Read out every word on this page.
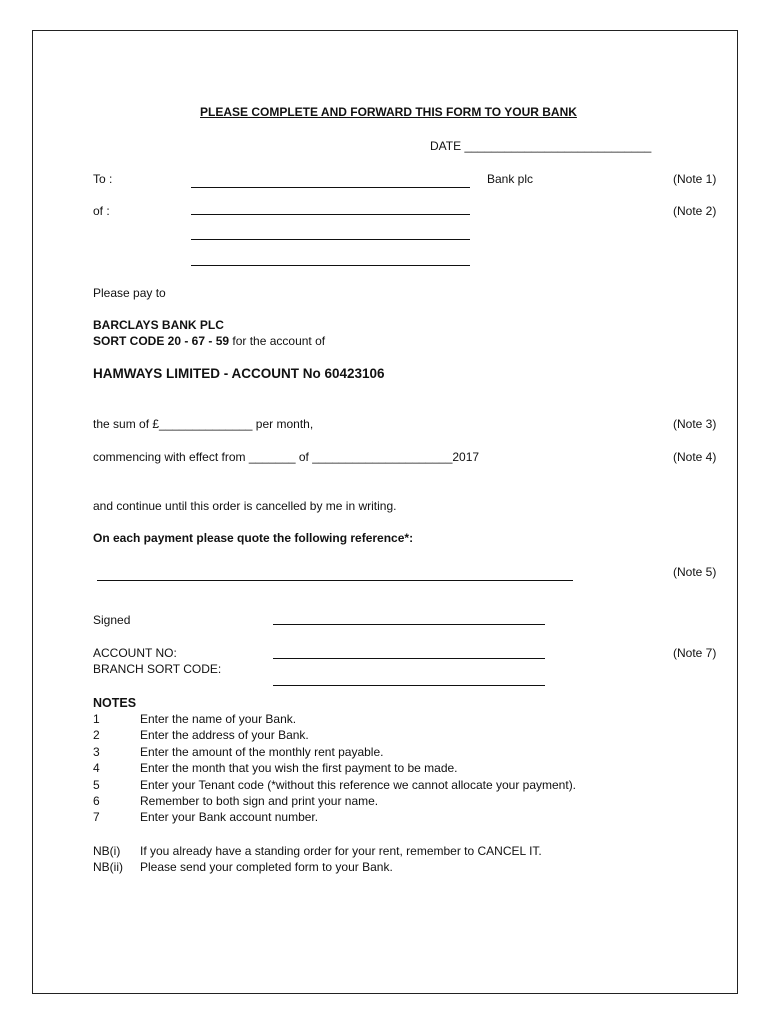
PLEASE COMPLETE AND FORWARD THIS FORM TO YOUR BANK
DATE ____________________________
To :	Bank plc	(Note 1)
of :	(Note 2)
Please pay to
BARCLAYS BANK PLC
SORT CODE 20 - 67 - 59 for the account of
HAMWAYS LIMITED - ACCOUNT No 60423106
the sum of £______________ per month,	(Note 3)
commencing with effect from _______ of _____________________2017	(Note 4)
and continue until this order is cancelled by me in writing.
On each payment please quote the following reference*:
(Note 5)
Signed
ACCOUNT NO:
BRANCH SORT CODE:
(Note 7)
NOTES
1	Enter the name of your Bank.
2	Enter the address of your Bank.
3	Enter the amount of the monthly rent payable.
4	Enter the month that you wish the first payment to be made.
5	Enter your Tenant code (*without this reference we cannot allocate your payment).
6	Remember to both sign and print your name.
7	Enter your Bank account number.
NB(i) If you already have a standing order for your rent, remember to CANCEL IT.
NB(ii) Please send your completed form to your Bank.
